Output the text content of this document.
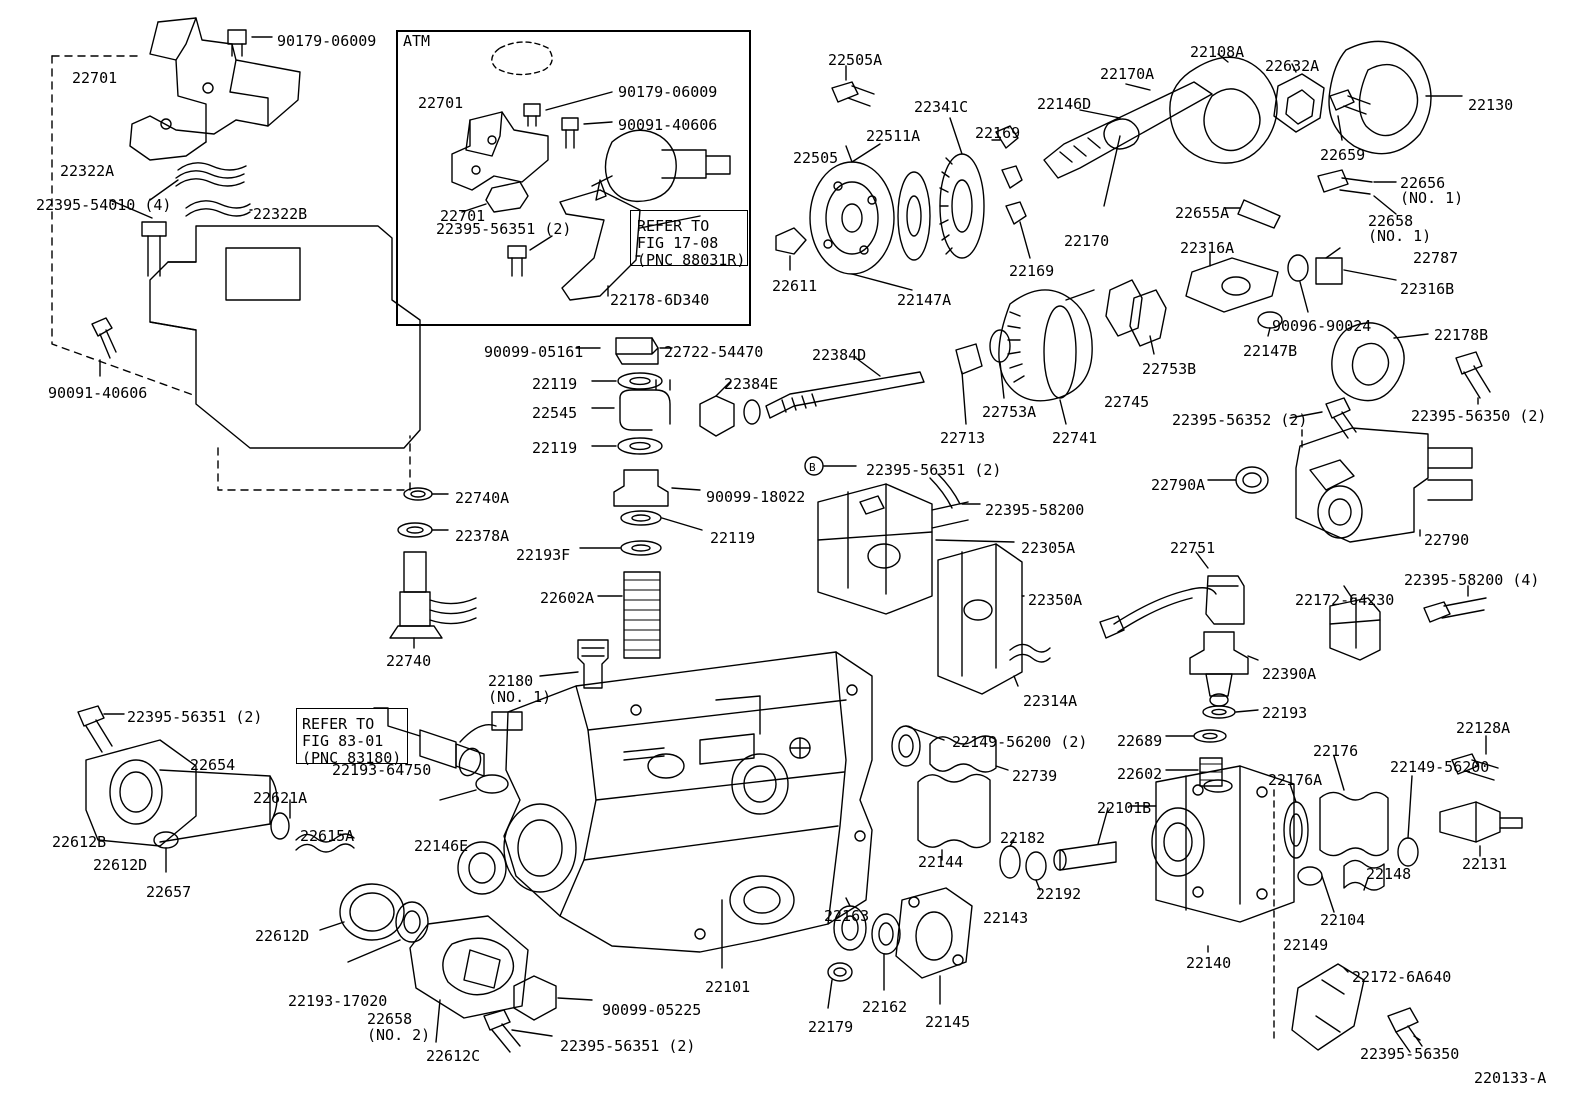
B
90179-06009 ATM
22701
22322A
22395-54010 (4)	22322B
90091-40606
22701
90179-06009
90091-40606
22701
22395-56351 (2)	REFER TO
FIG 17-08
(PNC 88031R)
22178-6D340
90099-05161	22722-54470
22119
22545
22119
22384E
22384D
22740A
22378A
22193F
22119
90099-18022
22602A
22740
22180
(NO. 1)
REFER TO
FIG 83-01
(PNC 83180)
22193-64750
22395-56351 (2)
22654
22621A
22615A
22612B
22612D
22657
22612D
22146E
22193-17020
22658
(NO. 2)
22612C
90099-05225
22395-56351 (2)
22101
22505A
22505
22511A
22341C
22169
22146D
22170A
22108A
22632A
22130
22659
22656
(NO. 1)
22658
(NO. 1)
22787
22316B
22655A
22316A
90096-90024
22147B
22753B
22745
22741
22753A
22713
22611
22147A
22169
22170
22178B
22395-56350 (2)
22395-56352 (2)
22790A
22790
22395-56351 (2)
22395-58200
22305A
22350A
22751
22172-64230
22395-58200 (4)
22314A
22390A
22193
22149-56200 (2)
22739
22689
22602
22128A
22176
22149-56200
22176A
22101B
22182
22144
22192
22148
22131
22104
22149
22163	22143
22140
22162
22179	22145
22172-6A640
22395-56350
220133-A
